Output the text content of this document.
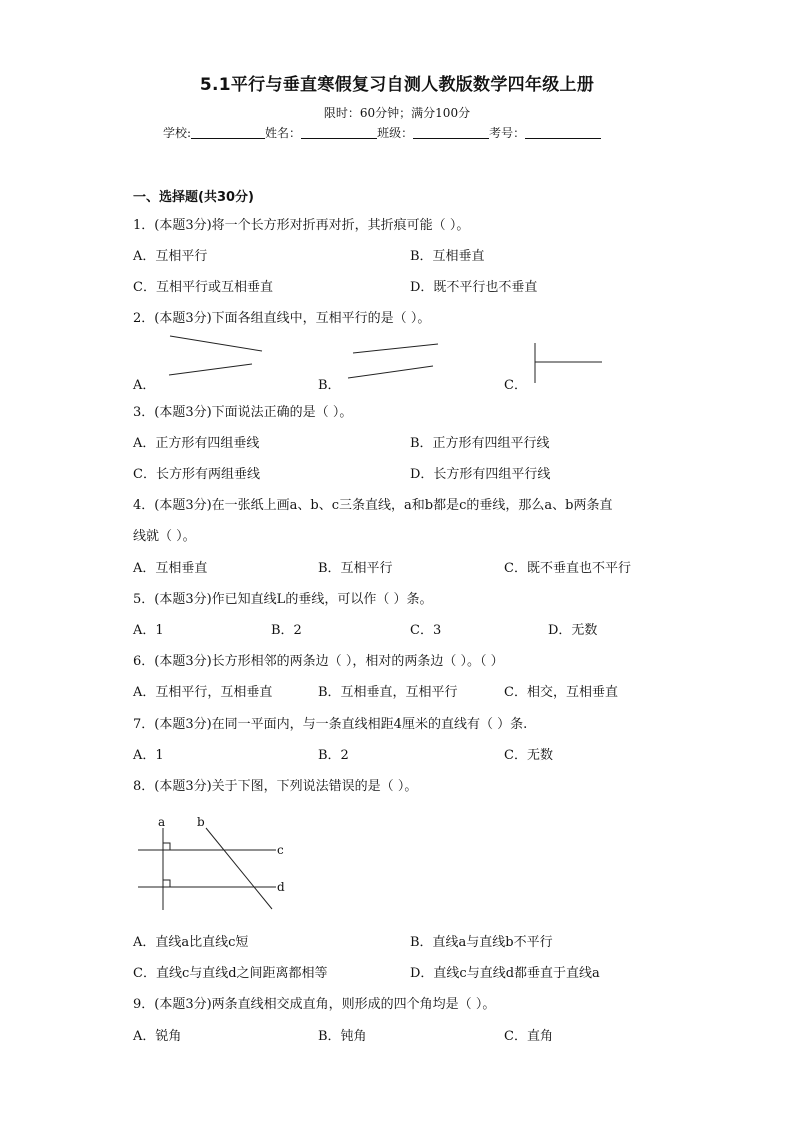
5.1平行与垂直寒假复习自测人教版数学四年级上册
限时：60分钟；满分100分
学校:	姓名：	班级：	考号：
一、选择题(共30分)
1．(本题3分)将一个长方形对折再对折，其折痕可能（ ）。
A．互相平行	B．互相垂直
C．互相平行或互相垂直	D．既不平行也不垂直
2．(本题3分)下面各组直线中，互相平行的是（ ）。
A．	B．	C．
3．(本题3分)下面说法正确的是（ ）。
A．正方形有四组垂线	B．正方形有四组平行线
C．长方形有两组垂线	D．长方形有四组平行线
4．(本题3分)在一张纸上画a、b、c三条直线，a和b都是c的垂线，那么a、b两条直
线就（ ）。
A．互相垂直	B．互相平行	C．既不垂直也不平行
5．(本题3分)作已知直线L的垂线，可以作（ ）条。
A．1	B．2	C．3	D．无数
6．(本题3分)长方形相邻的两条边（ ），相对的两条边（ ）。（ ）
A．互相平行，互相垂直	B．互相垂直，互相平行	C．相交，互相垂直
7．(本题3分)在同一平面内，与一条直线相距4厘米的直线有（ ）条.
A．1	B．2	C．无数
8．(本题3分)关于下图，下列说法错误的是（ ）。
a	b
c
d
A．直线a比直线c短	B．直线a与直线b不平行
C．直线c与直线d之间距离都相等	D．直线c与直线d都垂直于直线a
9．(本题3分)两条直线相交成直角，则形成的四个角均是（ ）。
A．锐角	B．钝角	C．直角
